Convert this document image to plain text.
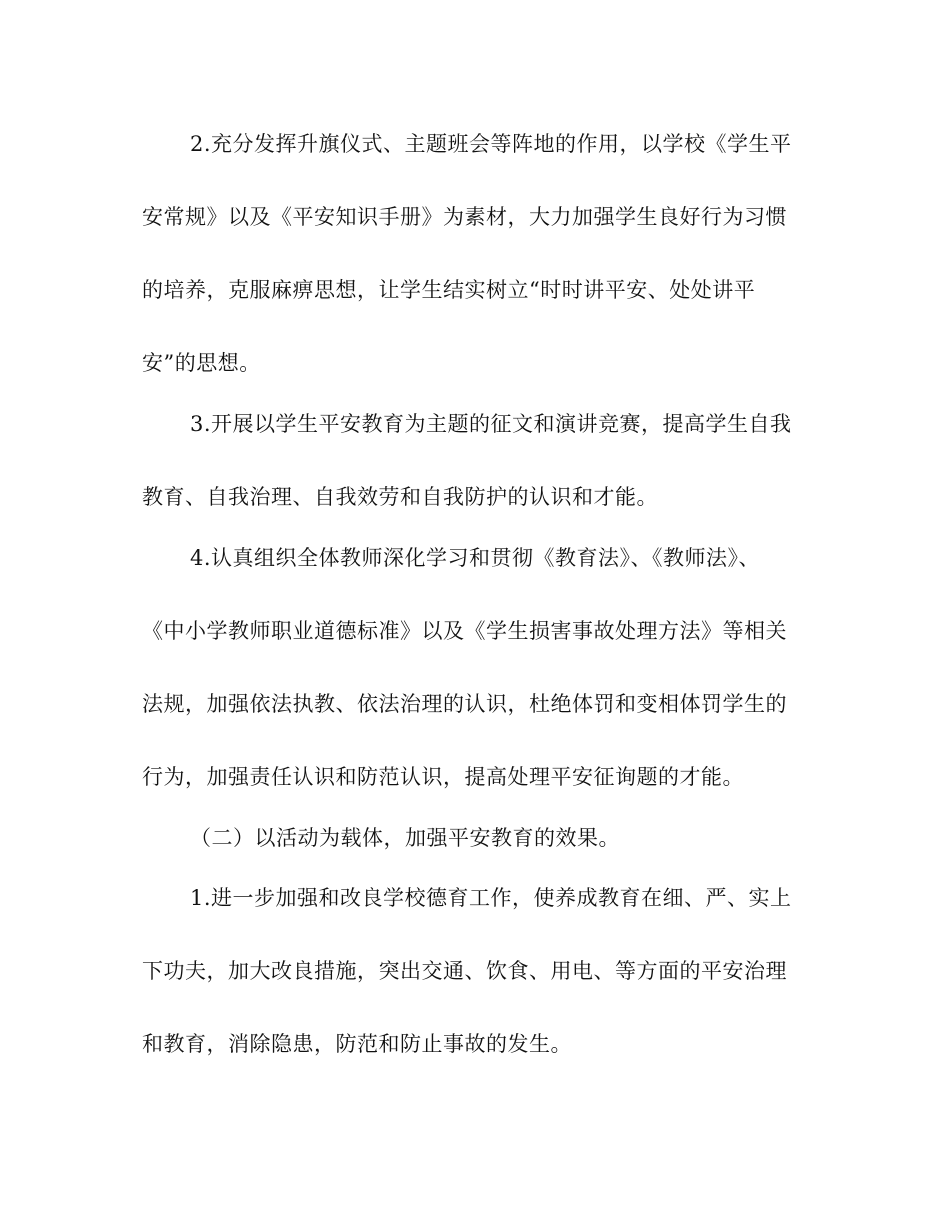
2.充分发挥升旗仪式、主题班会等阵地的作用，以学校《学生平
安常规》以及《平安知识手册》为素材，大力加强学生良好行为习惯
的培养，克服麻痹思想，让学生结实树立“时时讲平安、处处讲平
安”的思想。
3.开展以学生平安教育为主题的征文和演讲竞赛，提高学生自我
教育、自我治理、自我效劳和自我防护的认识和才能。
4.认真组织全体教师深化学习和贯彻《教育法》、《教师法》、
《中小学教师职业道德标准》以及《学生损害事故处理方法》等相关
法规，加强依法执教、依法治理的认识，杜绝体罚和变相体罚学生的
行为，加强责任认识和防范认识，提高处理平安征询题的才能。
（二）以活动为载体，加强平安教育的效果。
1.进一步加强和改良学校德育工作，使养成教育在细、严、实上
下功夫，加大改良措施，突出交通、饮食、用电、等方面的平安治理
和教育，消除隐患，防范和防止事故的发生。
